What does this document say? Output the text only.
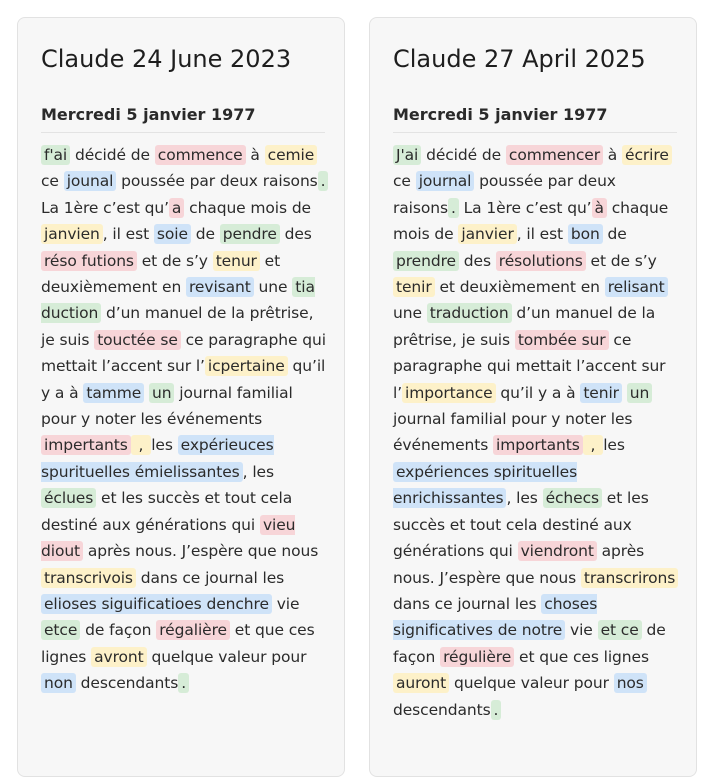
Claude 24 June 2023
Mercredi 5 janvier 1977
f'ai décidé de commence à cemie ce jounal poussée par deux raisons . La 1ère c’est qu’ a chaque mois de janvien , il est soie de pendre des réso futions et de s’y tenur et deuxièmement en revisant une tia duction d’un manuel de la prêtrise, je suis touctée se ce paragraphe qui mettait l’accent sur l’ icpertaine qu’il y a à tamme un journal familial pour y noter les événements impertants , les expérieuces spurituelles émielissantes , les éclues et les succès et tout cela destiné aux générations qui vieu diout après nous. J’espère que nous transcrivois dans ce journal les elioses siguificatioes denchre vie etce de façon régalière et que ces lignes avront quelque valeur pour non descendants .
Claude 27 April 2025
Mercredi 5 janvier 1977
J'ai décidé de commencer à écrire ce journal poussée par deux raisons . La 1ère c’est qu’ à chaque mois de janvier , il est bon de prendre des résolutions et de s’y tenir et deuxièmement en relisant une traduction d’un manuel de la prêtrise, je suis tombée sur ce paragraphe qui mettait l’accent sur l’ importance qu’il y a à tenir un journal familial pour y noter les événements importants , les expériences spirituelles enrichissantes , les échecs et les succès et tout cela destiné aux générations qui viendront après nous. J’espère que nous transcrirons dans ce journal les choses significatives de notre vie et ce de façon régulière et que ces lignes auront quelque valeur pour nos descendants .
